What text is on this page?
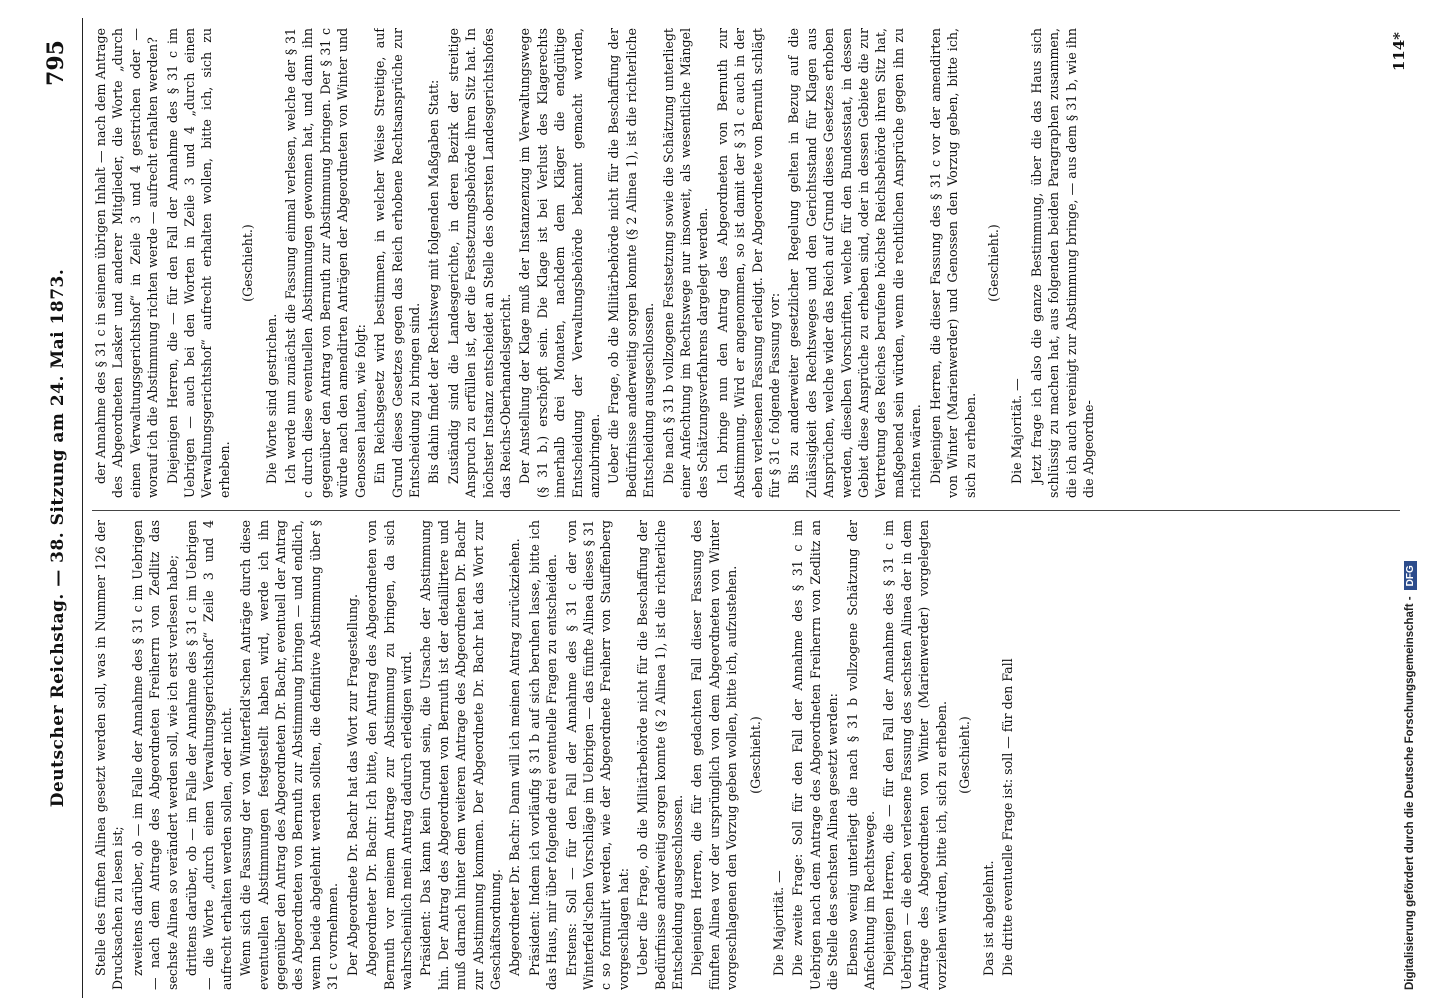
Deutscher Reichstag. — 38. Sitzung am 24. Mai 1873.
795

Stelle des fünften Alinea gesetzt werden soll, was in Nummer 126 der Drucksachen zu lesen ist; zweitens darüber, ob — im Falle der Annahme des § 31 c im Uebrigen — nach dem Antrage des Abgeordneten Freiherrn von Zedlitz das sechste Alinea so verändert werden soll, wie ich erst verlesen habe; drittens darüber, ob — im Falle der Annahme des § 31 c im Uebrigen — die Worte „durch einen Verwaltungsgerichtshof“ Zeile 3 und 4 aufrecht erhalten werden sollen, oder nicht. Wenn sich die Fassung der von Winterfeld'schen Anträge durch diese eventuellen Abstimmungen festgestellt haben wird, werde ich ihn gegenüber den Antrag des Abgeordneten Dr. Bachr, eventuell der Antrag des Abgeordneten von Bernuth zur Abstimmung bringen — und endlich, wenn beide abgelehnt werden sollten, die definitive Abstimmung über § 31 c vornehmen. Der Abgeordnete Dr. Bachr hat das Wort zur Fragestellung. Abgeordneter Dr. Bachr: Ich bitte, den Antrag des Abgeordneten von Bernuth vor meinem Antrage zur Abstimmung zu bringen, da sich wahrscheinlich mein Antrag dadurch erledigen wird. Präsident: Das kann kein Grund sein, die Ursache der Abstimmung hin. Der Antrag des Abgeordneten von Bernuth ist der detaillirtere und muß darnach hinter dem weiteren Antrage des Abgeordneten Dr. Bachr zur Abstimmung kommen. Der Abgeordnete Dr. Bachr hat das Wort zur Geschäftsordnung. Abgeordneter Dr. Bachr: Dann will ich meinen Antrag zurückziehen. Präsident: Indem ich vorläufig § 31 b auf sich beruhen lasse, bitte ich das Haus, mir über folgende drei eventuelle Fragen zu entscheiden. Erstens: Soll — für den Fall der Annahme des § 31 c der von Winterfeld'schen Vorschläge im Uebrigen — das fünfte Alinea dieses § 31 c so formulirt werden, wie der Abgeordnete Freiherr von Stauffenberg vorgeschlagen hat: Ueber die Frage, ob die Militärbehörde nicht für die Beschaffung der Bedürfnisse anderweitig sorgen konnte (§ 2 Alinea 1), ist die richterliche Entscheidung ausgeschlossen. Diejenigen Herren, die für den gedachten Fall dieser Fassung des fünften Alinea vor der ursprünglich von dem Abgeordneten von Winter vorgeschlagenen den Vorzug geben wollen, bitte ich, aufzustehen. (Geschieht.)

Die Majorität. — Die zweite Frage: Soll für den Fall der Annahme des § 31 c im Uebrigen nach dem Antrage des Abgeordneten Freiherrn von Zedlitz an die Stelle des sechsten Alinea gesetzt werden: Ebenso wenig unterliegt die nach § 31 b vollzogene Schätzung der Anfechtung im Rechtswege. Diejenigen Herren, die — für den Fall der Annahme des § 31 c im Uebrigen — die eben verlesene Fassung des sechsten Alinea der in dem Antrage des Abgeordneten von Winter (Marienwerder) vorgelegten vorziehen würden, bitte ich, sich zu erheben. (Geschieht.)

Das ist abgelehnt. Die dritte eventuelle Frage ist: soll — für den Fall

der Annahme des § 31 c in seinem übrigen Inhalt — nach dem Antrage des Abgeordneten Lasker und anderer Mitglieder, die Worte „durch einen Verwaltungsgerichtshof“ in Zeile 3 und 4 gestrichen oder — worauf ich die Abstimmung richten werde — aufrecht erhalten werden? Diejenigen Herren, die — für den Fall der Annahme des § 31 c im Uebrigen — auch bei den Worten in Zeile 3 und 4 „durch einen Verwaltungsgerichtshof“ aufrecht erhalten wollen, bitte ich, sich zu erheben.

(Geschieht.)

Die Worte sind gestrichen. Ich werde nun zunächst die Fassung einmal verlesen, welche der § 31 c durch diese eventuellen Abstimmungen gewonnen hat, und dann ihn gegenüber den Antrag von Bernuth zur Abstimmung bringen. Der § 31 c würde nach den amendirten Anträgen der Abgeordneten von Winter und Genossen lauten, wie folgt: Ein Reichsgesetz wird bestimmen, in welcher Weise Streitige, auf Grund dieses Gesetzes gegen das Reich erhobene Rechtsansprüche zur Entscheidung zu bringen sind. Bis dahin findet der Rechtsweg mit folgenden Maßgaben Statt: Zuständig sind die Landesgerichte, in deren Bezirk der streitige Anspruch zu erfüllen ist, der die Festsetzungsbehörde ihren Sitz hat. In höchster Instanz entscheidet an Stelle des obersten Landesgerichtshofes das Reichs-Oberhandelsgericht. Der Anstellung der Klage muß der Instanzenzug im Verwaltungswege (§ 31 b.) erschöpft sein. Die Klage ist bei Verlust des Klagerechts innerhalb drei Monaten, nachdem dem Kläger die endgültige Entscheidung der Verwaltungsbehörde bekannt gemacht worden, anzubringen. Ueber die Frage, ob die Militärbehörde nicht für die Beschaffung der Bedürfnisse anderweitig sorgen konnte (§ 2 Alinea 1), ist die richterliche Entscheidung ausgeschlossen. Die nach § 31 b vollzogene Festsetzung sowie die Schätzung unterliegt einer Anfechtung im Rechtswege nur insoweit, als wesentliche Mängel des Schätzungsverfahrens dargelegt werden. Ich bringe nun den Antrag des Abgeordneten von Bernuth zur Abstimmung. Wird er angenommen, so ist damit der § 31 c auch in der eben verlesenen Fassung erledigt. Der Abgeordnete von Bernuth schlägt für § 31 c folgende Fassung vor: Bis zu anderweiter gesetzlicher Regelung gelten in Bezug auf die Zulässigkeit des Rechtsweges und den Gerichtsstand für Klagen aus Ansprüchen, welche wider das Reich auf Grund dieses Gesetzes erhoben werden, dieselben Vorschriften, welche für den Bundesstaat, in dessen Gebiet diese Ansprüche zu erheben sind, oder in dessen Gebiete die zur Vertretung des Reiches berufene höchste Reichsbehörde ihren Sitz hat, maßgebend sein würden, wenn die rechtlichen Ansprüche gegen ihn zu richten wären. Diejenigen Herren, die dieser Fassung des § 31 c vor der amendirten von Winter (Marienwerder) und Genossen den Vorzug geben, bitte ich, sich zu erheben.

(Geschieht.)

Die Majorität. — Jetzt frage ich also die ganze Bestimmung, über die das Haus sich schlüssig zu machen hat, aus folgenden beiden Paragraphen zusammen, die ich auch vereinigt zur Abstimmung bringe, — aus dem § 31 b, wie ihn die Abgeordne-

114*
Digitalisierung gefördert durch die Deutsche Forschungsgemeinschaft -DFG
